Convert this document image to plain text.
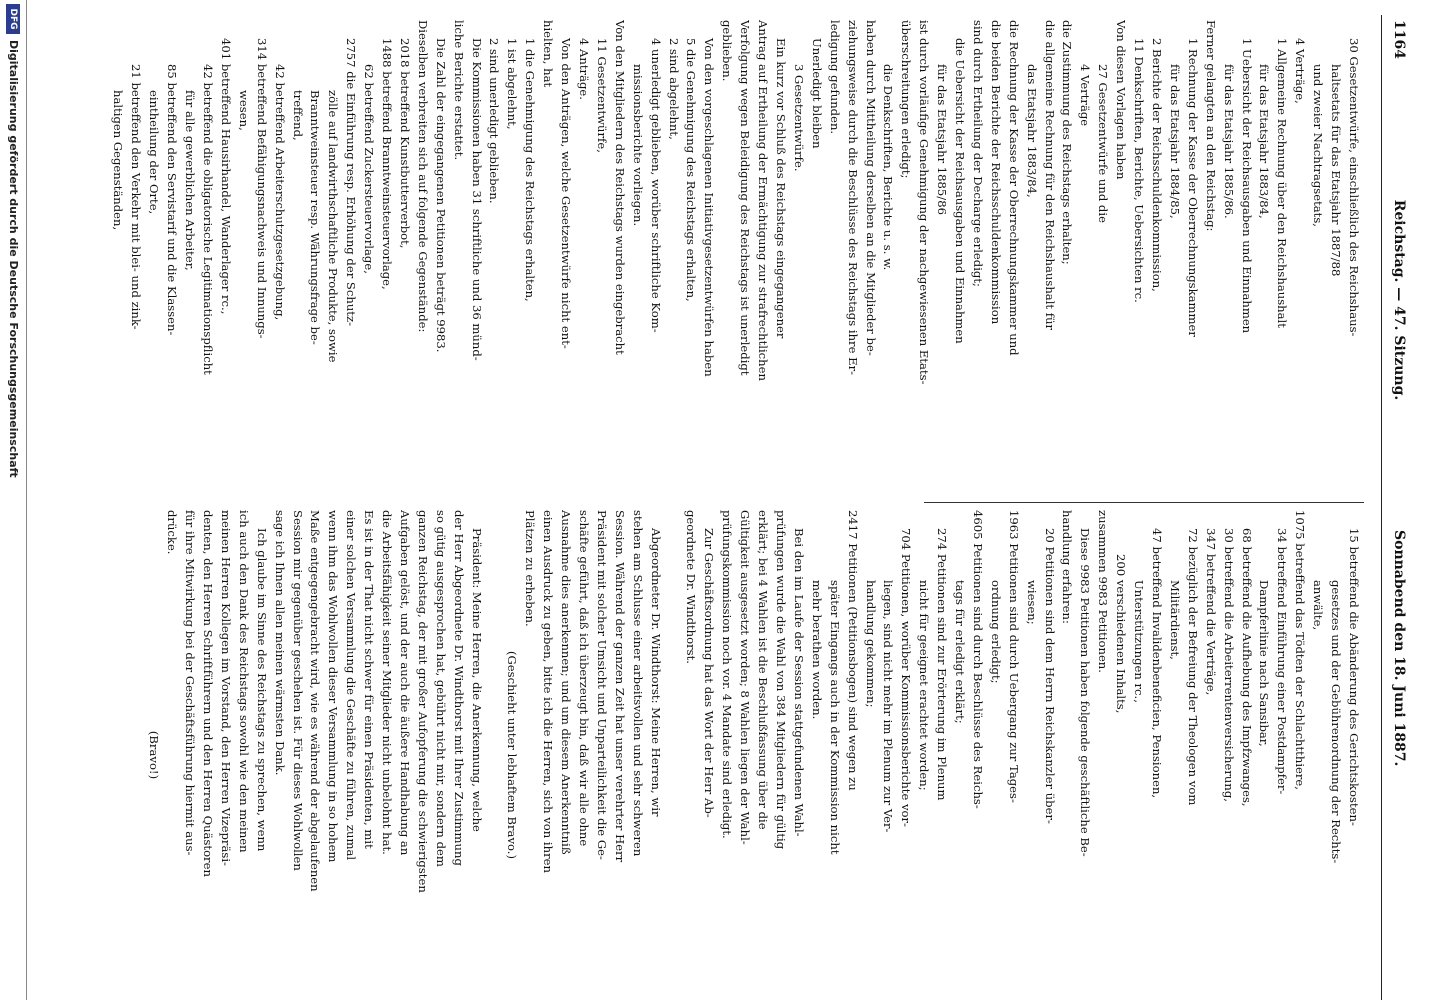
1164
Reichstag. — 47. Sitzung.
Sonnabend den 18. Juni 1887.
30 Gesetzentwürfe, einschließlich des Reichshaus-
haltsetats für das Etatsjahr 1887/88
und zweier Nachtragsetats,
4 Verträge,
1 Allgemeine Rechnung über den Reichshaushalt
für das Etatsjahr 1883/84,
1 Uebersicht der Reichsausgaben und Einnahmen
für das Etatsjahr 1885/86.
Ferner gelangten an den Reichstag:
1 Rechnung der Kasse der Oberrechnungskammer
für das Etatsjahr 1884/85,
2 Berichte der Reichsschuldenkommission,
11 Denkschriften, Berichte, Uebersichten rc.
Von diesen Vorlagen haben
27 Gesetzentwürfe und die
4 Verträge
die Zustimmung des Reichstags erhalten;
die allgemeine Rechnung für den Reichshaushalt für
das Etatsjahr 1883/84,
die Rechnung der Kasse der Oberrechnungskammer und
die beiden Berichte der Reichsschuldenkommission
sind durch Ertheilung der Decharge erledigt;
die Uebersicht der Reichsausgaben und Einnahmen
für das Etatsjahr 1885/86
ist durch vorläufige Genehmigung der nachgewiesenen Etats-
überschreitungen erledigt;
die Denkschriften, Berichte u. s. w.
haben durch Mittheilung derselben an die Mitglieder be-
ziehungsweise durch die Beschlüsse des Reichstags ihre Er-
ledigung gefunden.
Unerledigt bleiben
3 Gesetzentwürfe.
Ein kurz vor Schluß des Reichstags eingegangener
Antrag auf Ertheilung der Ermächtigung zur strafrechtlichen
Verfolgung wegen Beleidigung des Reichstags ist unerledigt
geblieben.
Von den vorgeschlagenen Initiativgesetzentwürfen haben
5 die Genehmigung des Reichstags erhalten,
2 sind abgelehnt,
4 unerledigt geblieben, worüber schriftliche Kom-
missionsberichte vorliegen.
Von den Mitgliedern des Reichstags wurden eingebracht
11 Gesetzentwürfe,
4 Anträge.
Von den Anträgen, welche Gesetzentwürfe nicht ent-
hielten, hat
1 die Genehmigung des Reichstags erhalten,
1 ist abgelehnt,
2 sind unerledigt geblieben.
Die Kommissionen haben 31 schriftliche und 36 münd-
liche Berichte erstattet.
Die Zahl der eingegangenen Petitionen beträgt 9983.
Dieselben verbreiten sich auf folgende Gegenstände:
2018 betreffend Kunstbutterverbot,
1488 betreffend Branntweinsteuervorlage,
62 betreffend Zuckersteuervorlage,
2757 die Einführung resp. Erhöhung der Schutz-
zölle auf landwirthschaftliche Produkte, sowie
Branntweinsteuer resp. Währungsfrage be-
treffend,
42 betreffend Arbeiterschutzgesetzgebung,
314 betreffend Befähigungsnachweis und Innungs-
wesen,
401 betreffend Hausirhandel, Wanderlager rc.,
42 betreffend die obligatorische Legitimationspflicht
für alle gewerblichen Arbeiter,
85 betreffend den Servistarif und die Klassen-
eintheilung der Orte,
21 betreffend den Verkehr mit blei- und zink-
haltigen Gegenständen,
15 betreffend die Abänderung des Gerichtskosten-
gesetzes und der Gebührenordnung der Rechts-
anwälte,
1075 betreffend das Tödten der Schlachtthiere,
34 betreffend Einführung einer Postdampfer-
Dampferlinie nach Sansibar,
68 betreffend die Aufhebung des Impfzwanges,
30 betreffend die Arbeiterrentenversicherung,
347 betreffend die Verträge,
72 bezüglich der Befreiung der Theologen vom
Militärdienst,
47 betreffend Invalidenbeneficien, Pensionen,
Unterstützungen rc.,
200 verschiedenen Inhalts,
zusammen 9983 Petitionen.
Diese 9983 Petitionen haben folgende geschäftliche Be-
handlung erfahren:
20 Petitionen sind dem Herrn Reichskanzler über-
wiesen;
1963 Petitionen sind durch Uebergang zur Tages-
ordnung erledigt;
4605 Petitionen sind durch Beschlüsse des Reichs-
tags für erledigt erklärt;
274 Petitionen sind zur Erörterung im Plenum
nicht für geeignet erachtet worden;
704 Petitionen, worüber Kommissionsberichte vor-
liegen, sind nicht mehr im Plenum zur Ver-
handlung gekommen;
2417 Petitionen (Petitionsbogen) sind wegen zu
später Eingangs auch in der Kommission nicht
mehr berathen worden.
Bei den im Laufe der Session stattgefundenen Wahl-
prüfungen wurde die Wahl von 384 Mitgliedern für gültig
erklärt; bei 4 Wahlen ist die Beschlußfassung über die
Gültigkeit ausgesetzt worden; 8 Wahlen liegen der Wahl-
prüfungskommission noch vor. 4 Mandate sind erledigt.
Zur Geschäftsordnung hat das Wort der Herr Ab-
geordnete Dr. Windthorst.

Abgeordneter Dr. Windthorst: Meine Herren, wir
stehen am Schlusse einer arbeitsvollen und sehr schweren
Session. Während der ganzen Zeit hat unser verehrter Herr
Präsident mit solcher Umsicht und Unparteilichkeit die Ge-
schäfte geführt, daß ich überzeugt bin, daß wir alle ohne
Ausnahme dies anerkennen; und um diesem Anerkenntniß
einen Ausdruck zu geben, bitte ich die Herren, sich von ihren
Plätzen zu erheben.
(Geschieht unter lebhaftem Bravo.)

Präsident: Meine Herren, die Anerkennung, welche
der Herr Abgeordnete Dr. Windthorst mit Ihrer Zustimmung
so gütig ausgesprochen hat, gebührt nicht mir, sondern dem
ganzen Reichstag, der mit großer Aufopferung die schwierigsten
Aufgaben gelöst, und der auch die äußere Handhabung an
die Arbeitsfähigkeit seiner Mitglieder nicht unbelohnt hat.
Es ist in der That nicht schwer für einen Präsidenten, mit
einer solchen Versammlung die Geschäfte zu führen, zumal
wenn ihm das Wohlwollen dieser Versammlung in so hohem
Maße entgegengebracht wird, wie es während der abgelaufenen
Session mir gegenüber geschehen ist. Für dieses Wohlwollen
sage ich Ihnen allen meinen wärmsten Dank.
Ich glaube im Sinne des Reichstags zu sprechen, wenn
ich auch den Dank des Reichstags sowohl wie den meinen
meinen Herren Kollegen im Vorstand, den Herren Vizepräsi-
denten, den Herren Schriftführern und den Herren Quästoren
für ihre Mitwirkung bei der Geschäftsführung hiermit aus-
drücke.
(Bravo!)
DFG
Digitalisierung gefördert durch die Deutsche Forschungsgemeinschaft
